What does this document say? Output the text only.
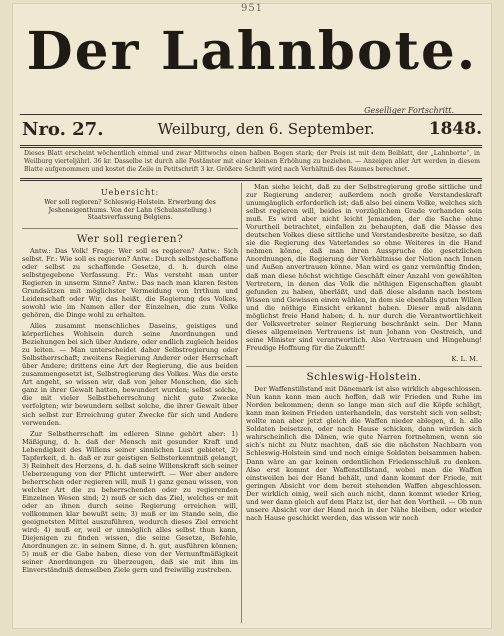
951
Der Lahnbote.
Geselliger Fortschritt.
Nro. 27.	Weilburg, den 6. September.	1848.
Dieses Blatt erscheint wöchentlich einmal und zwar Mittwochs einen halben Bogen stark; der Preis ist mit dem Beiblatt, der „Lahnborte“, in Weilburg vierteljährl. 36 kr. Dasselbe ist durch alle Postämter mit einer kleinen Erhöhung zu beziehen. — Anzeigen aller Art werden in diesem Blatte aufgenommen und kostet die Zeile in Petitschrift 3 kr. Größere Schrift wird nach Verhältniß des Raumes berechnet.
Uebersicht:
Wer soll regieren? Schleswig-Holstein. Erwerbung des Jesheneigenthums. Von der Lahn (Schulanstellung.) Staatsverfassung Belgiens.
Wer soll regieren?

Antw.: Das Volk! Frage: Wer soll es regieren? Antw.: Sich selbst. Fr.: Wie soll es regieren? Antw.: Durch selbstgeschaffene oder selbst zu schaffende Gesetze, d. h. durch eine selbstgegebene Verfassung. Fr.: Was versteht man unter Regieren in unserm Sinne? Antw.: Das nach man klaren festen Grundsätzen mit möglichster Vermeidung von Irrthum und Leidenschaft oder Wir, das heißt, die Regierung des Volkes, sowohl wie im Namen aller der Einzelnen, die zum Volke gehören, die Dinge wohl zu erhalten.

Alles zusammt menschliches Daseins, geistiges und körperliches Wohlsein durch seine Anordnungen und Beziehungen bei sich über Andere, oder endlich zugleich beides zu leiten. — Man unterscheidet daher Selbstregierung oder Selbstherrschaft; zweitens Regierung Anderer oder Herrschaft über Andere; drittens eine Art der Regierung, die aus beiden zusammengesetzt ist, Selbstregierung des Volkes. Was die erste Art angeht, so wissen wir, daß von jeher Menschen, die sich ganz in ihrer Gewalt hatten, bewundert wurden; selbst solche, die mit vieler Selbstbeherrschung nicht gute Zwecke verfolgten; wir bewundern selbst solche, die ihrer Gewalt über sich selbst zur Erreichung guter Zwecke für sich und Andere verwenden.

Zur Selbstherrschaft im edleren Sinne gehört aber: 1) Mäßigung, d. h. daß der Mensch mit gesunder Kraft und Lebendigkeit des Willens seiner sinnlichen Lust gebietet, 2) Tapferkeit, d. h. daß er zur geistigen Selbsterkenntniß gelangt, 3) Reinheit des Herzens, d. h. daß seine Willenskraft sich seiner Ueberzeugung von der Pflicht unterwirft. — Wer aber andere beherrschen oder regieren will, muß 1) ganz genau wissen, von welcher Art die zu beherrschenden oder zu regierenden Einzelnen Wesen sind; 2) muß er sich das Ziel, welches er mit oder an ihnen durch seine Regierung erreichen will, vollkommen klar bewußt sein; 3) muß er im Stande sein, die geeignetsten Mittel auszuführen, wodurch dieses Ziel erreicht wird; 4) muß er, weil er unmöglich alles selbst thun kann, Diejenigen zu finden wissen, die seine Gesetze, Befehle, Anordnungen zc. in seinem Sinne, d. h. gut, ausführen können; 5) muß er die Gabe haben, diese von der Vernunftmäßigkeit seiner Anordnungen zu überzeugen, daß sie mit ihm im Einverständniß demselben Ziele gern und freiwillig zustreben.

Man siehe leicht, daß zu der Selbstregierung große sittliche und zur Regierung anderer, außerdem noch große Verstandeskraft unumgänglich erforderlich ist; daß also bei einem Volke, welches sich selbst regieren will, beides in vorzüglichem Grade vorhanden sein muß. Es wird aber nicht leicht Jemanden, der die Sache ohne Vorurtheil betrachtet, einfallen zu behaupten, daß die Masse des deutschen Volkes diese sittliche und Verstandesbreite besitze, so daß sie die Regierung des Vaterlandes so ohne Weiteres in die Hand nehmen könne, daß man ihren Ausspruche die gesetzlichen Anordnungen, die Regierung der Verhältnisse der Nation nach Innen und Außen anvertrauen könne. Man wird es ganz vernünftig finden, daß man diese höchst wichtige Geschäft einer Anzahl von gewählten Vertretern, in denen das Volk die nöthigen Eigenschaften glaubt gefunden zu haben, überläßt, und daß diese alsdann nach bestem Wissen und Gewissen einen wählen, in dem sie ebenfalls guten Willen und die nöthige Einsicht erkannt haben. Dieser muß alsdann möglichst freie Hand haben; d. h. nur durch die Verantwortlichkeit der Volksvertreter seiner Regierung beschränkt sein. Der Mann dieses allgemeinen Vertrauens ist nun Johann von Oestreich, und seine Minister sind verantwortlich. Also Vertrauen und Hingebung! Freudige Hoffnung für die Zukunft!

K. L. M.
Schleswig-Holstein.

Der Waffenstillstand mit Dänemark ist also wirklich abgeschlossen. Nun kann kann man auch hoffen, daß wir Frieden und Ruhe im Norden bekommen; denn so lange man sich auf die Köpfe schlägt, kann man keinen Frieden unterhandeln, das versteht sich von selbst; wollte man aber jetzt gleich die Waffen nieder ablegen, d. h. alle Soldaten beisetzen, oder nach Hause schicken, dann würden sich wahrscheinlich die Dänen, wie gute Narren fortnehmen, wenn sie sich's nicht zu Nutz machten, daß sie die nächsten Nachbarn von Schleswig-Holstein sind und noch einige Soldaten beisammen haben. Dann wäre an gar keinen ordentlichen Friedensschluß zu denken. Also erst kommt der Waffenstillstand, wobei man die Waffen einstweilen bei der Hand behält, und dann kommt der Friede, mit geringen Absicht vor dem bereit stehenden Waffen abgeschlossen. Der wirklich einig, weil sich auch nicht, dann kommt wieder Krieg, und wer dann gleich auf dem Platz ist, der hat den Vortheil. — Ob nun unsere Absicht vor der Hand noch in der Nähe bleiben, oder wieder nach Hause geschickt werden, das wissen wir noch
